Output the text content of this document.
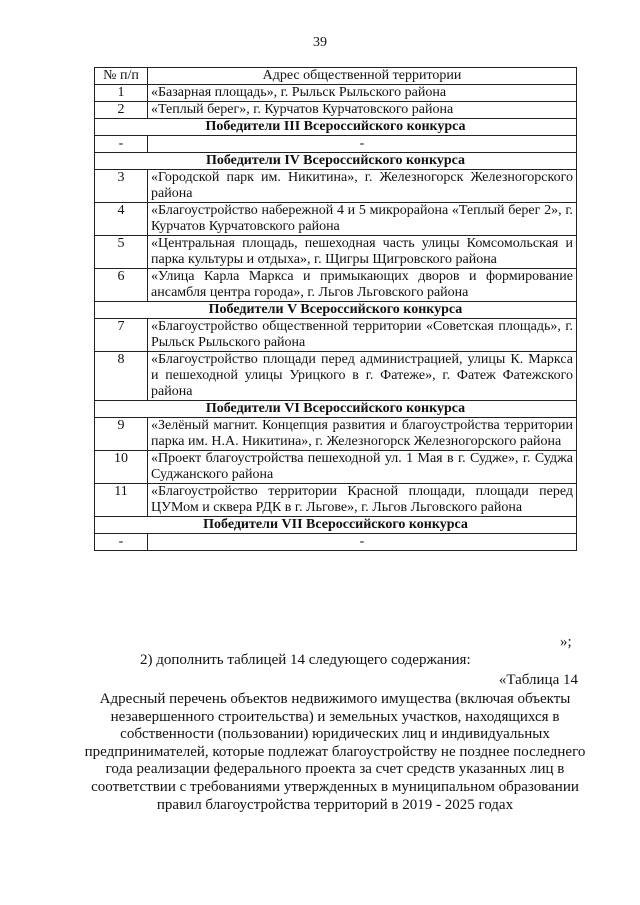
39
№ п/п	Адрес общественной территории
1	«Базарная площадь», г. Рыльск Рыльского района
2	«Теплый берег», г. Курчатов Курчатовского района
Победители III Всероссийского конкурса	
-	-
Победители IV Всероссийского конкурса	
3	«Городской парк им. Никитина», г. Железногорск Железногорского района
4	«Благоустройство набережной 4 и 5 микрорайона «Теплый берег 2», г. Курчатов Курчатовского района
5	«Центральная площадь, пешеходная часть улицы Комсомольская и парка культуры и отдыха», г. Щигры Щигровского района
6	«Улица Карла Маркса и примыкающих дворов и формирование ансамбля центра города», г. Льгов Льговского района
Победители V Всероссийского конкурса	
7	«Благоустройство общественной территории «Советская площадь», г. Рыльск Рыльского района
8	«Благоустройство площади перед администрацией, улицы К. Маркса и пешеходной улицы Урицкого в г. Фатеже», г. Фатеж Фатежского района
Победители VI Всероссийского конкурса	
9	«Зелёный магнит. Концепция развития и благоустройства территории парка им. Н.А. Никитина», г. Железногорск Железногорского района
10	«Проект благоустройства пешеходной ул. 1 Мая в г. Судже», г. Суджа Суджанского района
11	«Благоустройство территории Красной площади, площади перед ЦУМом и сквера РДК в г. Льгове», г. Льгов Льговского района
Победители VII Всероссийского конкурса	
-	-
»;
2) дополнить таблицей 14 следующего содержания:
«Таблица 14
Адресный перечень объектов недвижимого имущества (включая объекты незавершенного строительства) и земельных участков, находящихся в собственности (пользовании) юридических лиц и индивидуальных предпринимателей, которые подлежат благоустройству не позднее последнего года реализации федерального проекта за счет средств указанных лиц в соответствии с требованиями утвержденных в муниципальном образовании правил благоустройства территорий в 2019 - 2025 годах
